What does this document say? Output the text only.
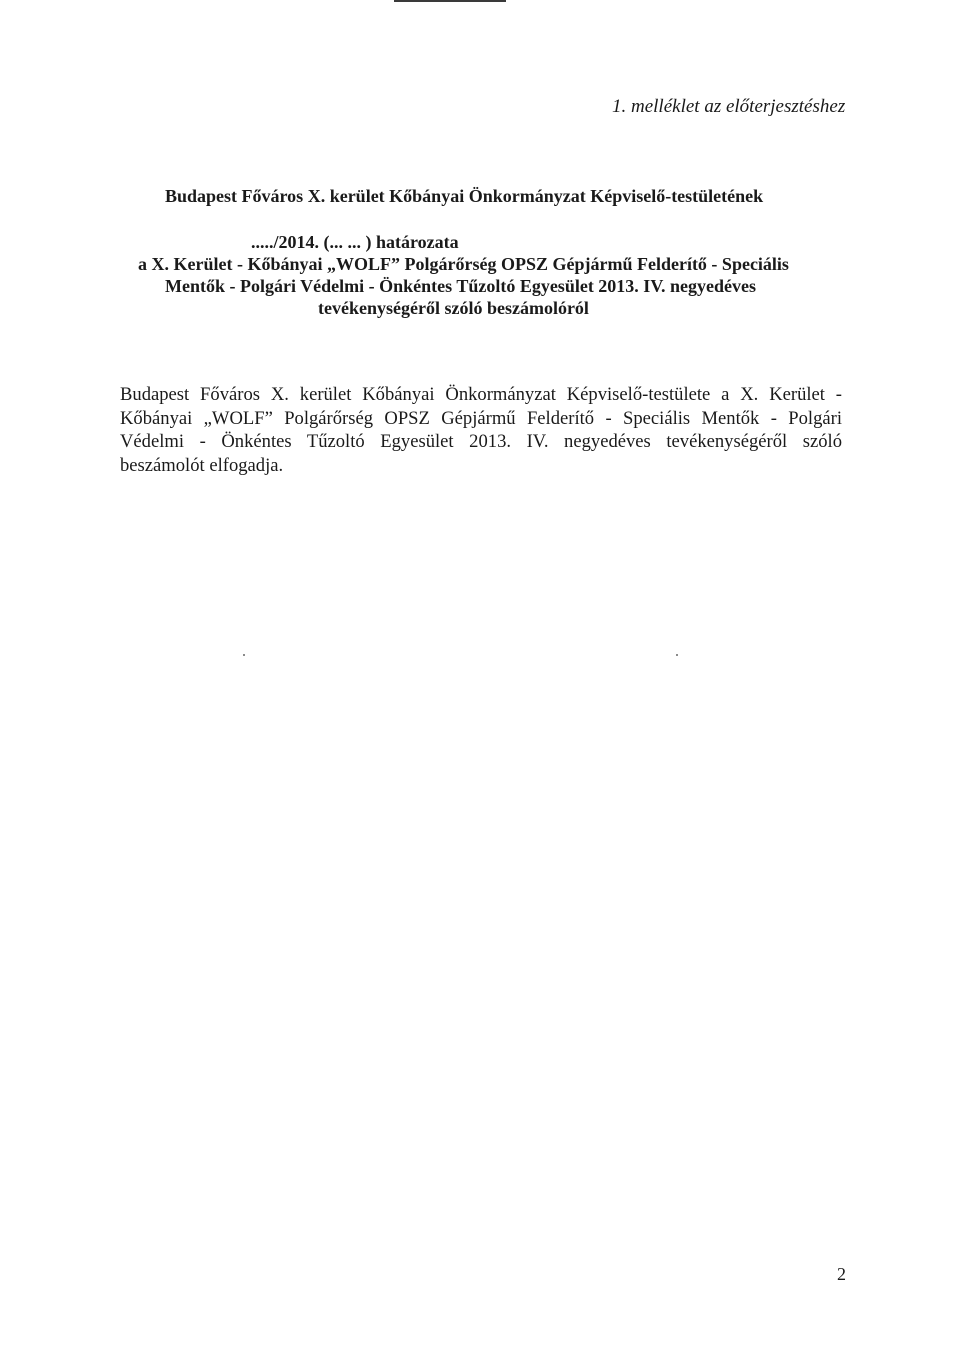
1. melléklet az előterjesztéshez
Budapest Főváros X. kerület Kőbányai Önkormányzat Képviselő-testületének
...../2014. (... ... ) határozata
a X. Kerület - Kőbányai „WOLF” Polgárőrség OPSZ Gépjármű Felderítő - Speciális
Mentők - Polgári Védelmi - Önkéntes Tűzoltó Egyesület 2013. IV. negyedéves
tevékenységéről szóló beszámolóról
Budapest Főváros X. kerület Kőbányai Önkormányzat Képviselő-testülete a X. Kerület -
Kőbányai „WOLF” Polgárőrség OPSZ Gépjármű Felderítő - Speciális Mentők - Polgári
Védelmi - Önkéntes Tűzoltó Egyesület 2013. IV. negyedéves tevékenységéről szóló
beszámolót elfogadja.
2
